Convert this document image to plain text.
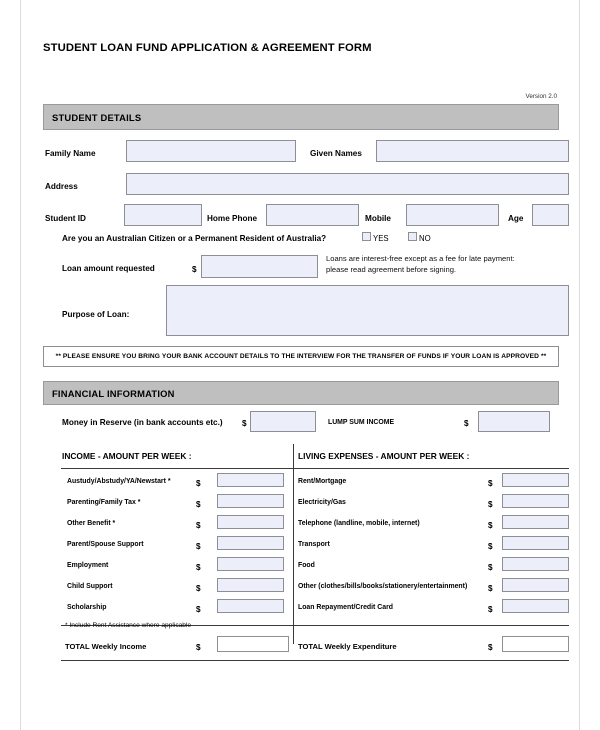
STUDENT LOAN FUND APPLICATION & AGREEMENT FORM
Version 2.0
STUDENT DETAILS
Family Name	Given Names
Address
Student ID	Home Phone	Mobile	Age
Are you an Australian Citizen or a Permanent Resident of Australia?	YES	NO
Loan amount requested	$
Loans are interest-free except as a fee for late payment:
please read agreement before signing.
Purpose of Loan:
** PLEASE ENSURE YOU BRING YOUR BANK ACCOUNT DETAILS TO THE INTERVIEW FOR THE TRANSFER OF FUNDS IF YOUR LOAN IS APPROVED **
FINANCIAL INFORMATION
Money in Reserve (in bank accounts etc.) $	LUMP SUM INCOME	$
INCOME - AMOUNT PER WEEK :	LIVING EXPENSES - AMOUNT PER WEEK :
Austudy/Abstudy/YA/Newstart *	$
Parenting/Family Tax *	$
Other Benefit *	$
Parent/Spouse Support	$
Employment	$
Child Support	$
Scholarship	$
* Include Rent Assistance where applicable
Rent/Mortgage	$
Electricity/Gas	$
Telephone (landline, mobile, internet)	$
Transport	$
Food	$
Other (clothes/bills/books/stationery/entertainment)	$
Loan Repayment/Credit Card	$
TOTAL Weekly Income	$	TOTAL Weekly Expenditure	$
